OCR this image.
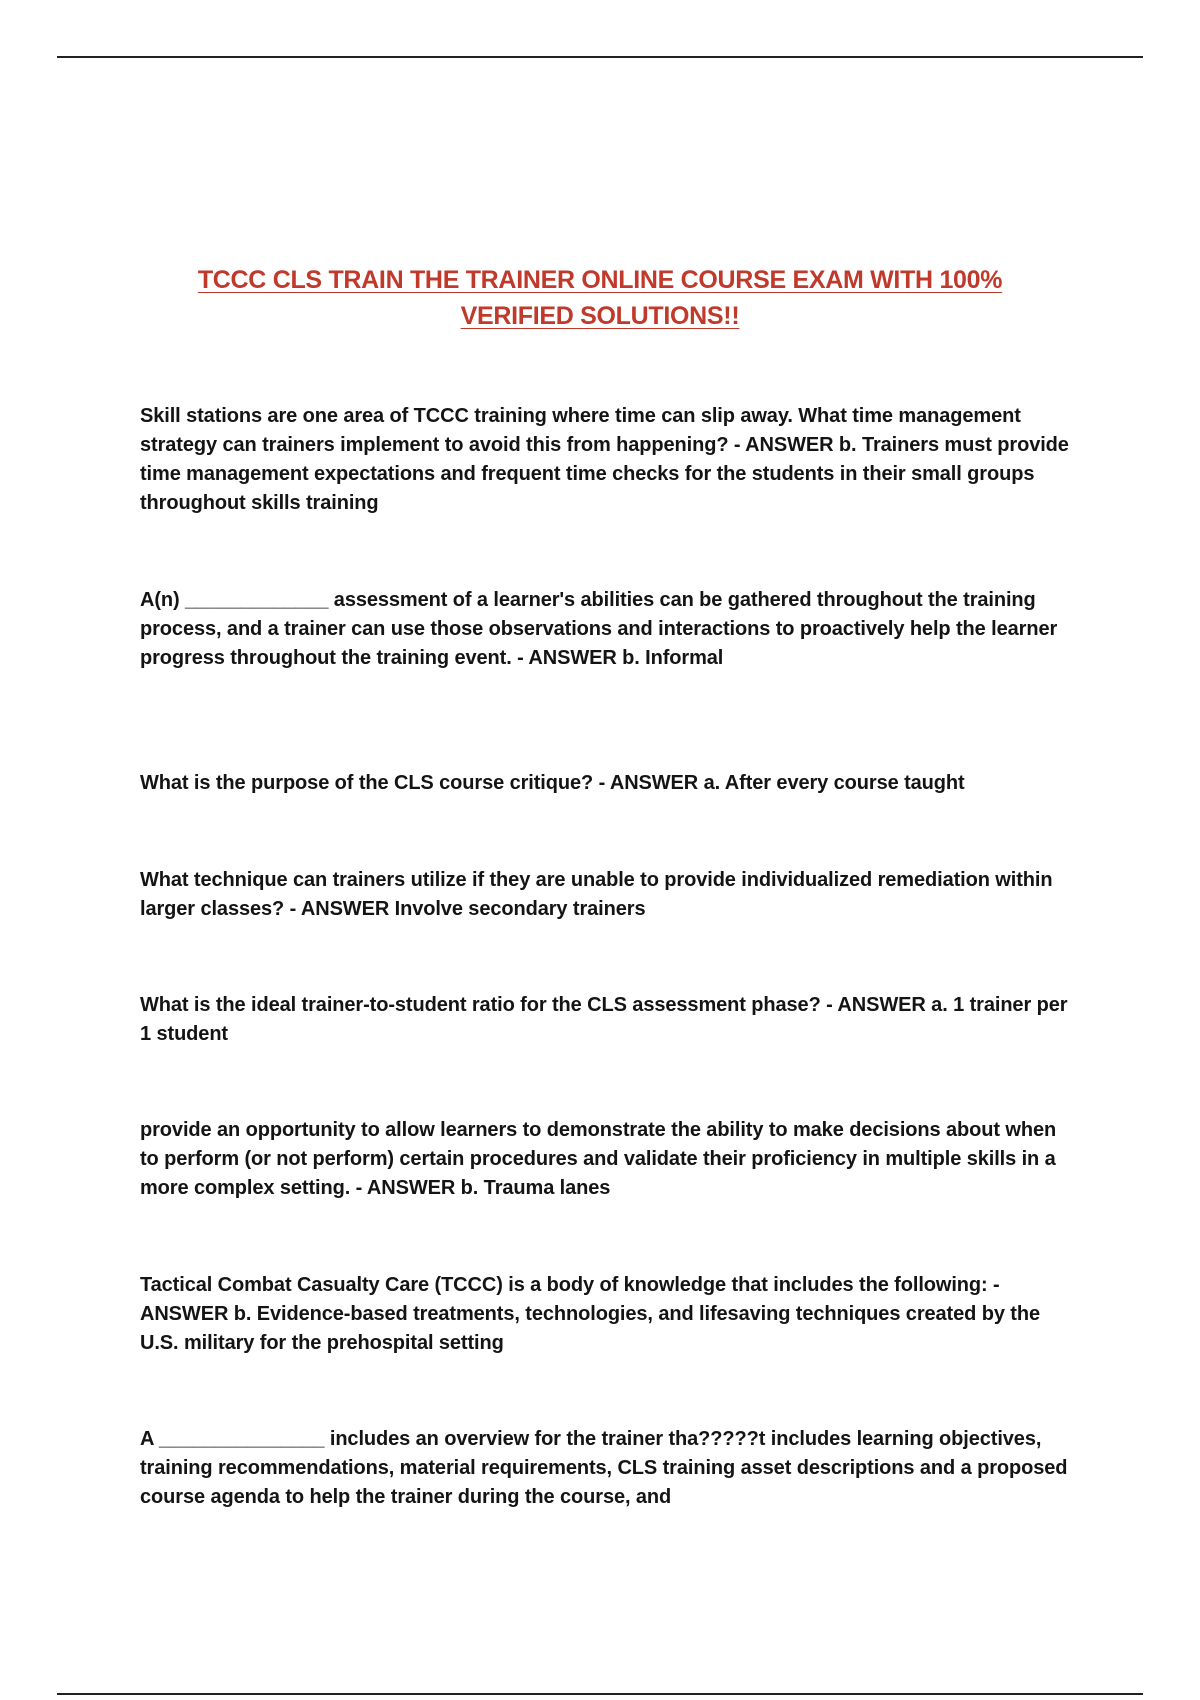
TCCC CLS TRAIN THE TRAINER ONLINE COURSE EXAM WITH 100%
VERIFIED SOLUTIONS!!

Skill stations are one area of TCCC training where time can slip away. What time management strategy can trainers implement to avoid this from happening? - ANSWER b. Trainers must provide time management expectations and frequent time checks for the students in their small groups throughout skills training

A(n) _____________ assessment of a learner's abilities can be gathered throughout the training process, and a trainer can use those observations and interactions to proactively help the learner progress throughout the training event. - ANSWER b. Informal

What is the purpose of the CLS course critique? - ANSWER a. After every course taught

What technique can trainers utilize if they are unable to provide individualized remediation within larger classes? - ANSWER Involve secondary trainers

What is the ideal trainer-to-student ratio for the CLS assessment phase? - ANSWER a. 1 trainer per 1 student

provide an opportunity to allow learners to demonstrate the ability to make decisions about when to perform (or not perform) certain procedures and validate their proficiency in multiple skills in a more complex setting. - ANSWER b. Trauma lanes

Tactical Combat Casualty Care (TCCC) is a body of knowledge that includes the following: - ANSWER b. Evidence-based treatments, technologies, and lifesaving techniques created by the U.S. military for the prehospital setting

A _______________ includes an overview for the trainer tha?????t includes learning objectives, training recommendations, material requirements, CLS training asset descriptions and a proposed course agenda to help the trainer during the course, and
